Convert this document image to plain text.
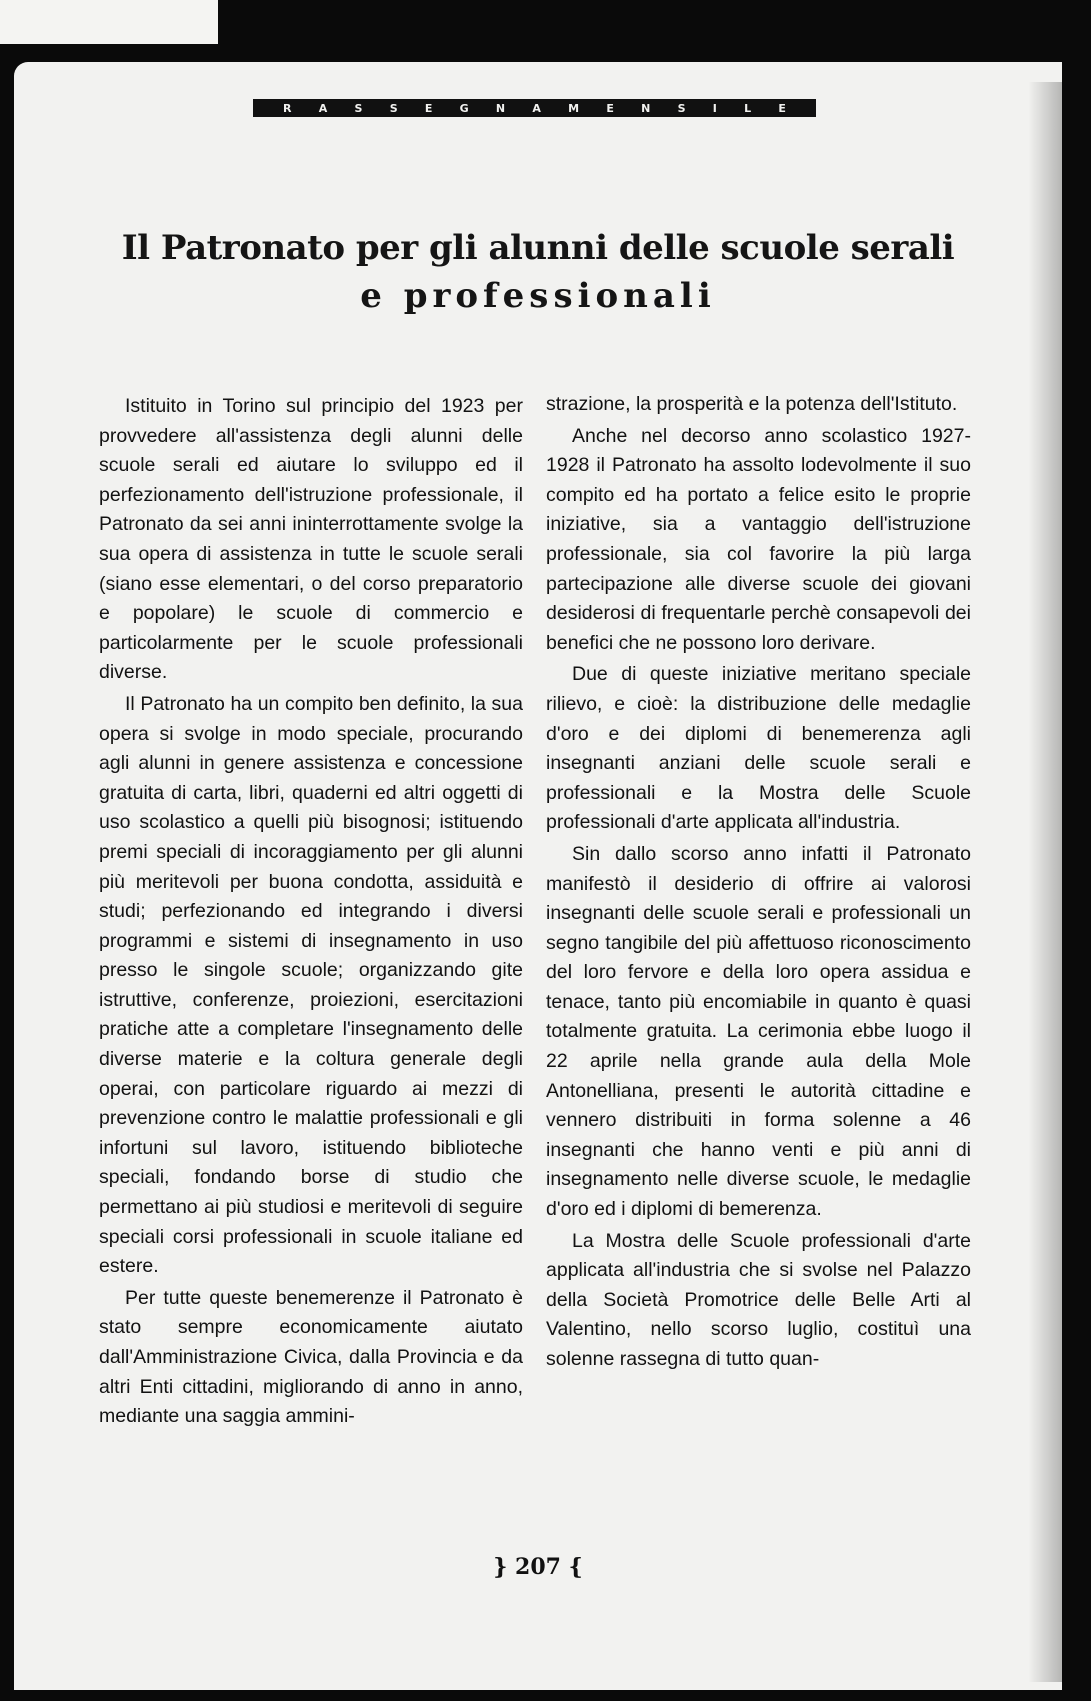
R A S S E G N A M E N S I L E
Il Patronato per gli alunni delle scuole serali
e professionali

Istituito in Torino sul principio del 1923 per provvedere all'assistenza degli alunni delle scuole serali ed aiutare lo sviluppo ed il perfezionamento dell'istruzione professionale, il Patronato da sei anni ininterrottamente svolge la sua opera di assistenza in tutte le scuole serali (siano esse elementari, o del corso preparatorio e popolare) le scuole di commercio e particolarmente per le scuole professionali diverse.

Il Patronato ha un compito ben definito, la sua opera si svolge in modo speciale, procurando agli alunni in genere assistenza e concessione gratuita di carta, libri, quaderni ed altri oggetti di uso scolastico a quelli più bisognosi; istituendo premi speciali di incoraggiamento per gli alunni più meritevoli per buona condotta, assiduità e studi; perfezionando ed integrando i diversi programmi e sistemi di insegnamento in uso presso le singole scuole; organizzando gite istruttive, conferenze, proiezioni, esercitazioni pratiche atte a completare l'insegnamento delle diverse materie e la coltura generale degli operai, con particolare riguardo ai mezzi di prevenzione contro le malattie professionali e gli infortuni sul lavoro, istituendo biblioteche speciali, fondando borse di studio che permettano ai più studiosi e meritevoli di seguire speciali corsi professionali in scuole italiane ed estere.

Per tutte queste benemerenze il Patronato è stato sempre economicamente aiutato dall'Amministrazione Civica, dalla Provincia e da altri Enti cittadini, migliorando di anno in anno, mediante una saggia ammini-

strazione, la prosperità e la potenza dell'Istituto.

Anche nel decorso anno scolastico 1927-1928 il Patronato ha assolto lodevolmente il suo compito ed ha portato a felice esito le proprie iniziative, sia a vantaggio dell'istruzione professionale, sia col favorire la più larga partecipazione alle diverse scuole dei giovani desiderosi di frequentarle perchè consapevoli dei benefici che ne possono loro derivare.

Due di queste iniziative meritano speciale rilievo, e cioè: la distribuzione delle medaglie d'oro e dei diplomi di benemerenza agli insegnanti anziani delle scuole serali e professionali e la Mostra delle Scuole professionali d'arte applicata all'industria.

Sin dallo scorso anno infatti il Patronato manifestò il desiderio di offrire ai valorosi insegnanti delle scuole serali e professionali un segno tangibile del più affettuoso riconoscimento del loro fervore e della loro opera assidua e tenace, tanto più encomiabile in quanto è quasi totalmente gratuita. La cerimonia ebbe luogo il 22 aprile nella grande aula della Mole Antonelliana, presenti le autorità cittadine e vennero distribuiti in forma solenne a 46 insegnanti che hanno venti e più anni di insegnamento nelle diverse scuole, le medaglie d'oro ed i diplomi di bemerenza.

La Mostra delle Scuole professionali d'arte applicata all'industria che si svolse nel Palazzo della Società Promotrice delle Belle Arti al Valentino, nello scorso luglio, costituì una solenne rassegna di tutto quan-

} 207 {
